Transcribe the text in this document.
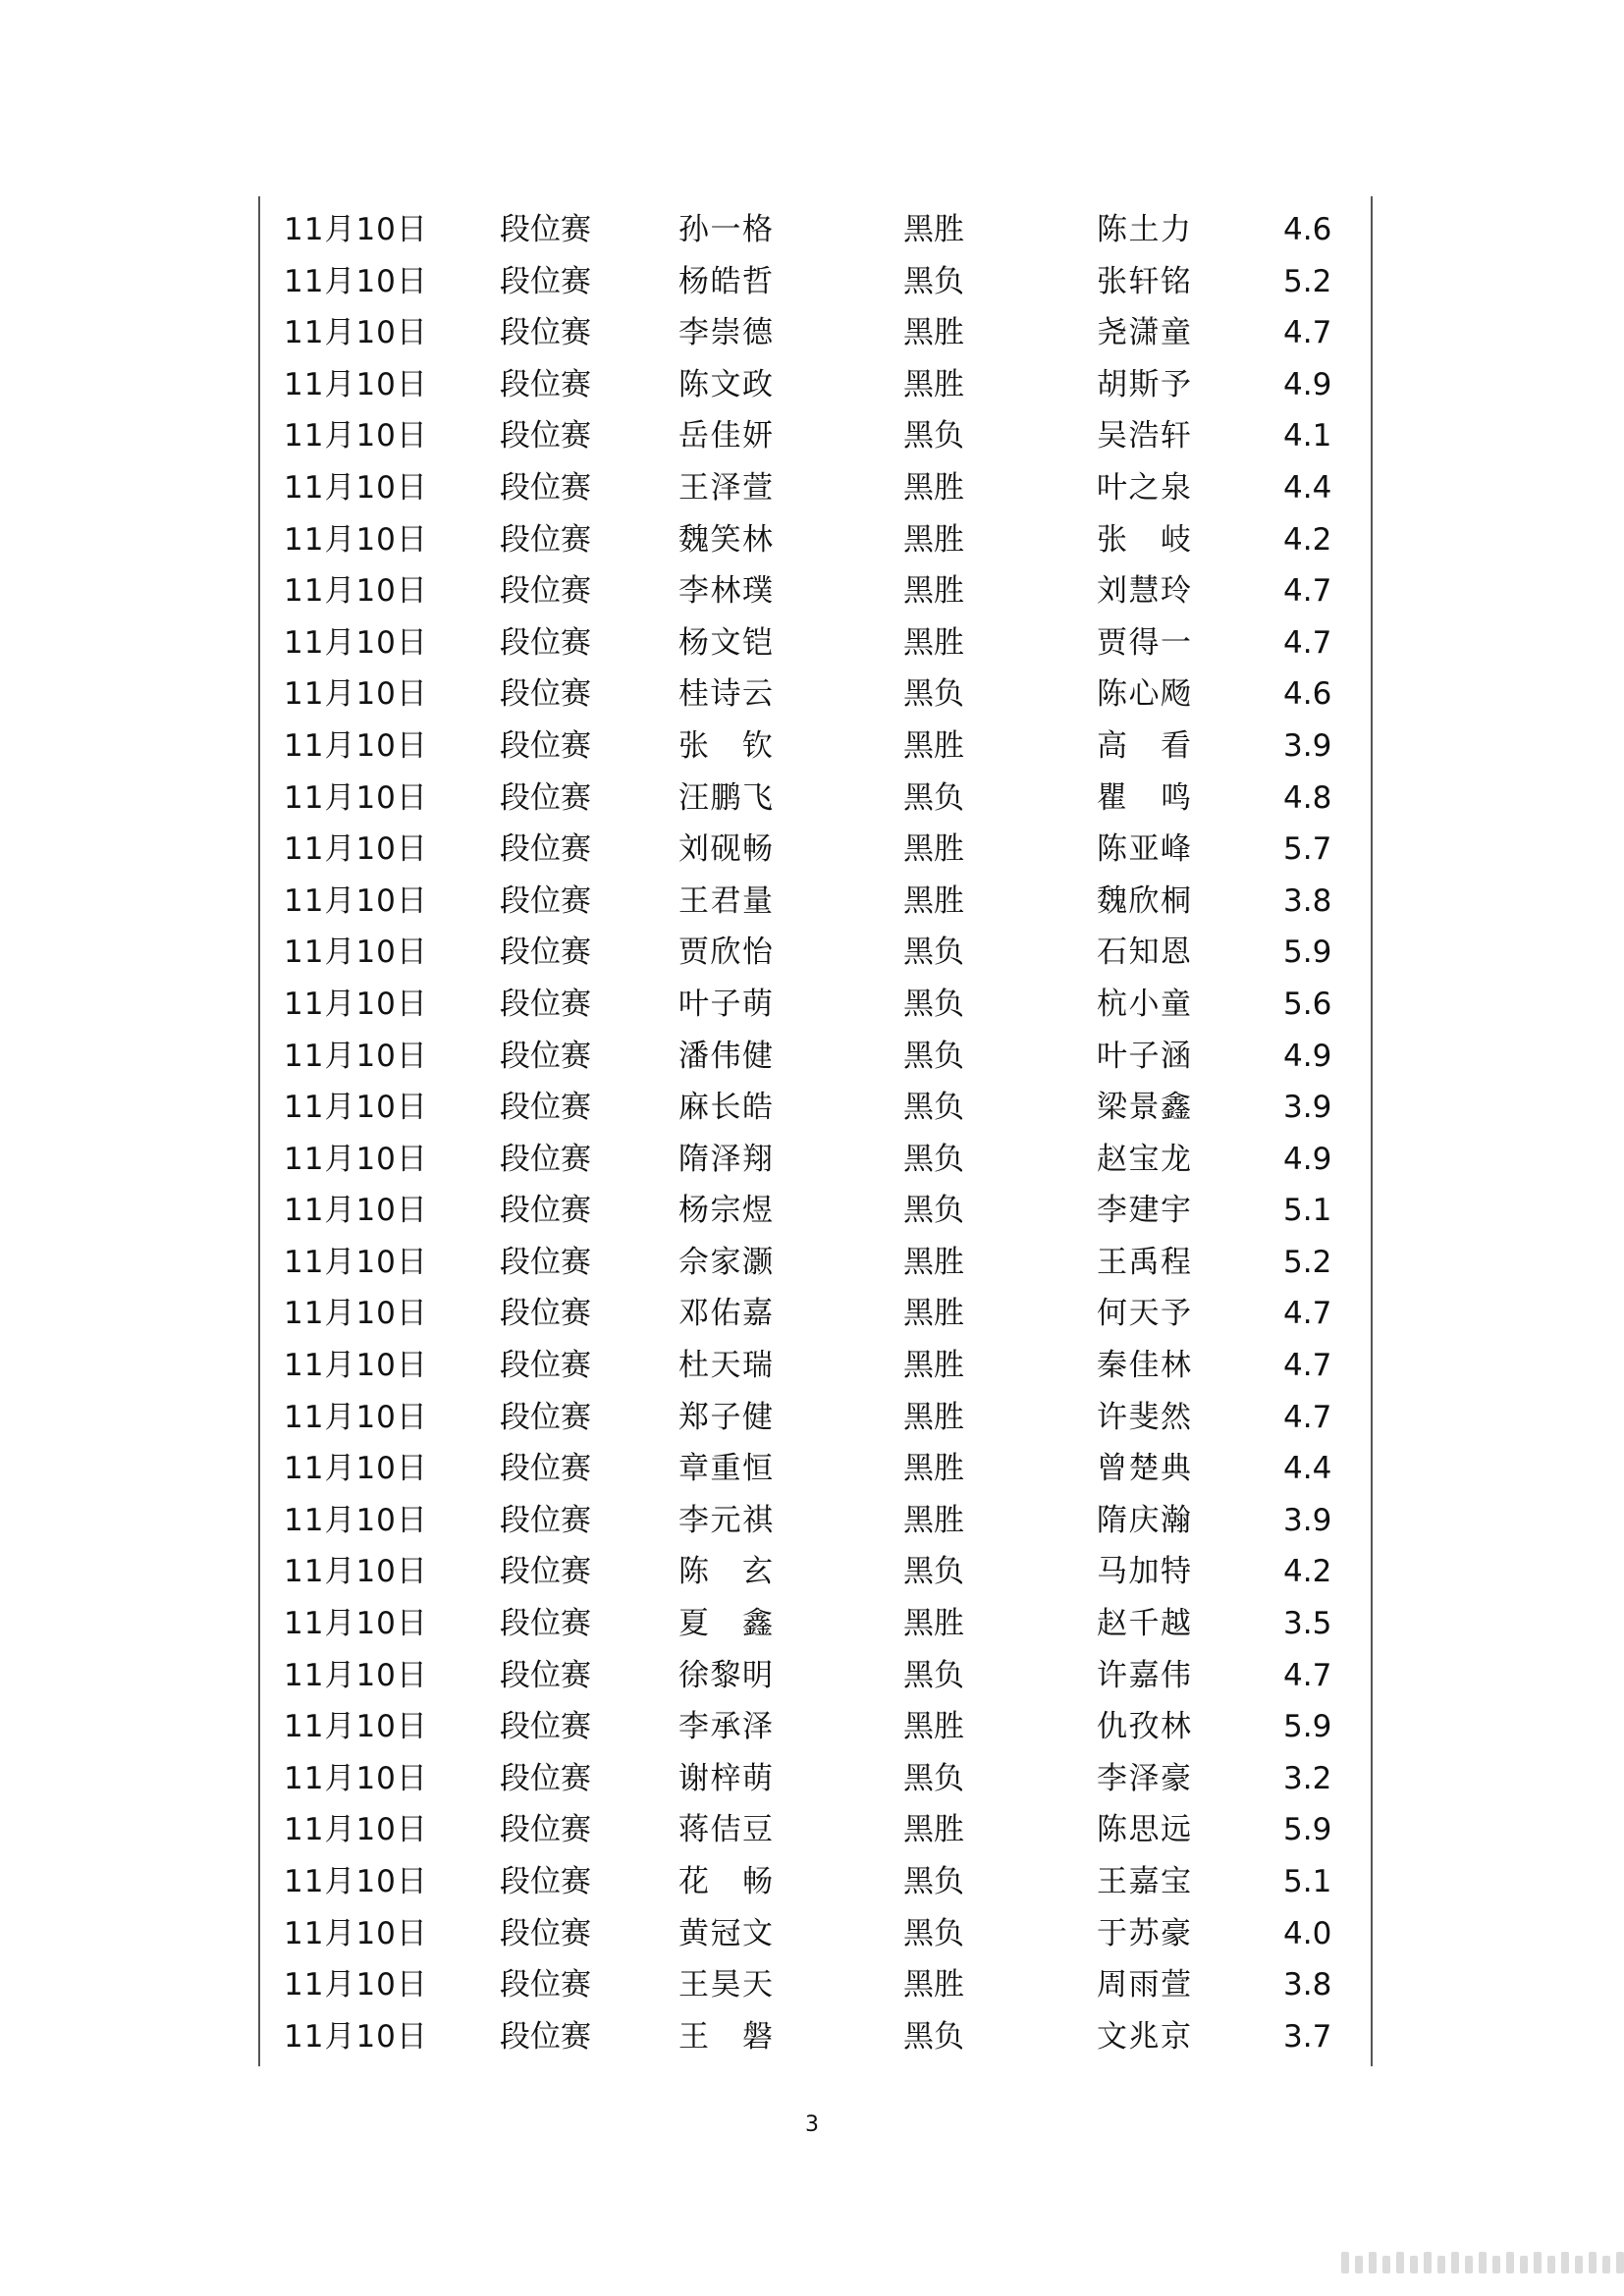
11月10日 段位赛	孙一格	黑胜	陈土力	4.6
11月10日 段位赛	杨皓哲	黑负	张轩铭	5.2
11月10日 段位赛	李崇德	黑胜	尧潇童	4.7
11月10日 段位赛	陈文政	黑胜	胡斯予	4.9
11月10日 段位赛	岳佳妍	黑负	吴浩轩	4.1
11月10日 段位赛	王泽萱	黑胜	叶之泉	4.4
11月10日 段位赛	魏笑林	黑胜	张 岐	4.2
11月10日 段位赛	李林璞	黑胜	刘慧玲	4.7
11月10日 段位赛	杨文铠	黑胜	贾得一	4.7
11月10日 段位赛	桂诗云	黑负	陈心飏	4.6
11月10日 段位赛	张 钦	黑胜	高 看	3.9
11月10日 段位赛	汪鹏飞	黑负	瞿 鸣	4.8
11月10日 段位赛	刘砚畅	黑胜	陈亚峰	5.7
11月10日 段位赛	王君量	黑胜	魏欣桐	3.8
11月10日 段位赛	贾欣怡	黑负	石知恩	5.9
11月10日 段位赛	叶子萌	黑负	杭小童	5.6
11月10日 段位赛	潘伟健	黑负	叶子涵	4.9
11月10日 段位赛	麻长皓	黑负	梁景鑫	3.9
11月10日 段位赛	隋泽翔	黑负	赵宝龙	4.9
11月10日 段位赛	杨宗煜	黑负	李建宇	5.1
11月10日 段位赛	佘家灏	黑胜	王禹程	5.2
11月10日 段位赛	邓佑嘉	黑胜	何天予	4.7
11月10日 段位赛	杜天瑞	黑胜	秦佳林	4.7
11月10日 段位赛	郑子健	黑胜	许斐然	4.7
11月10日 段位赛	章重恒	黑胜	曾楚典	4.4
11月10日 段位赛	李元祺	黑胜	隋庆瀚	3.9
11月10日 段位赛	陈 玄	黑负	马加特	4.2
11月10日 段位赛	夏 鑫	黑胜	赵千越	3.5
11月10日 段位赛	徐黎明	黑负	许嘉伟	4.7
11月10日 段位赛	李承泽	黑胜	仇孜林	5.9
11月10日 段位赛	谢梓萌	黑负	李泽豪	3.2
11月10日 段位赛	蒋佶豆	黑胜	陈思远	5.9
11月10日 段位赛	花 畅	黑负	王嘉宝	5.1
11月10日 段位赛	黄冠文	黑负	于苏豪	4.0
11月10日 段位赛	王昊天	黑胜	周雨萱	3.8
11月10日 段位赛	王 磐	黑负	文兆京	3.7
3
